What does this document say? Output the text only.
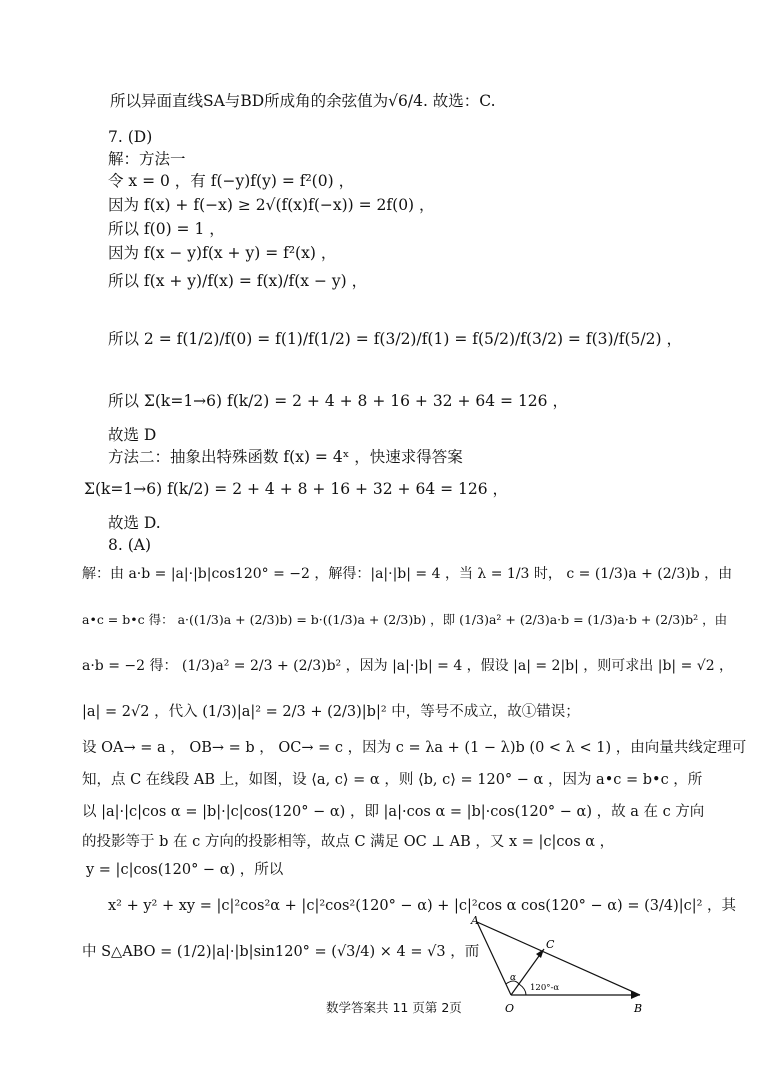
所以异面直线SA与BD所成角的余弦值为√6/4. 故选：C.
7. (D)
解：方法一
令 x = 0 ，有 f(−y)f(y) = f²(0) ，
因为 f(x) + f(−x) ≥ 2√(f(x)f(−x)) = 2f(0) ，
所以 f(0) = 1 ，
因为 f(x − y)f(x + y) = f²(x) ，
所以 f(x + y)/f(x) = f(x)/f(x − y) ，
所以 2 = f(1/2)/f(0) = f(1)/f(1/2) = f(3/2)/f(1) = f(5/2)/f(3/2) = f(3)/f(5/2) ，
所以 Σ(k=1→6) f(k/2) = 2 + 4 + 8 + 16 + 32 + 64 = 126 ，
故选 D
方法二：抽象出特殊函数 f(x) = 4ˣ ，快速求得答案
Σ(k=1→6) f(k/2) = 2 + 4 + 8 + 16 + 32 + 64 = 126 ，
故选 D.
8. (A)
解：由 a·b = |a|·|b|cos120° = −2 ，解得：|a|·|b| = 4 ，当 λ = 1/3 时， c = (1/3)a + (2/3)b ，由
a•c = b•c 得： a·((1/3)a + (2/3)b) = b·((1/3)a + (2/3)b) ，即 (1/3)a² + (2/3)a·b = (1/3)a·b + (2/3)b² ，由
a·b = −2 得： (1/3)a² = 2/3 + (2/3)b² ，因为 |a|·|b| = 4 ，假设 |a| = 2|b| ，则可求出 |b| = √2 ，
|a| = 2√2 ，代入 (1/3)|a|² = 2/3 + (2/3)|b|² 中，等号不成立，故①错误；
设 OA→ = a ， OB→ = b ， OC→ = c ，因为 c = λa + (1 − λ)b (0 < λ < 1) ，由向量共线定理可
知，点 C 在线段 AB 上，如图，设 ⟨a, c⟩ = α ，则 ⟨b, c⟩ = 120° − α ，因为 a•c = b•c ，所
以 |a|·|c|cos α = |b|·|c|cos(120° − α) ，即 |a|·cos α = |b|·cos(120° − α) ，故 a 在 c 方向
的投影等于 b 在 c 方向的投影相等，故点 C 满足 OC ⊥ AB ，又 x = |c|cos α ，
y = |c|cos(120° − α) ，所以
x² + y² + xy = |c|²cos²α + |c|²cos²(120° − α) + |c|²cos α cos(120° − α) = (3/4)|c|² ，其
中 S△ABO = (1/2)|a|·|b|sin120° = (√3/4) × 4 = √3 ，而
A
C
α
120°-α
O	B
数学答案共 11 页第 2页
